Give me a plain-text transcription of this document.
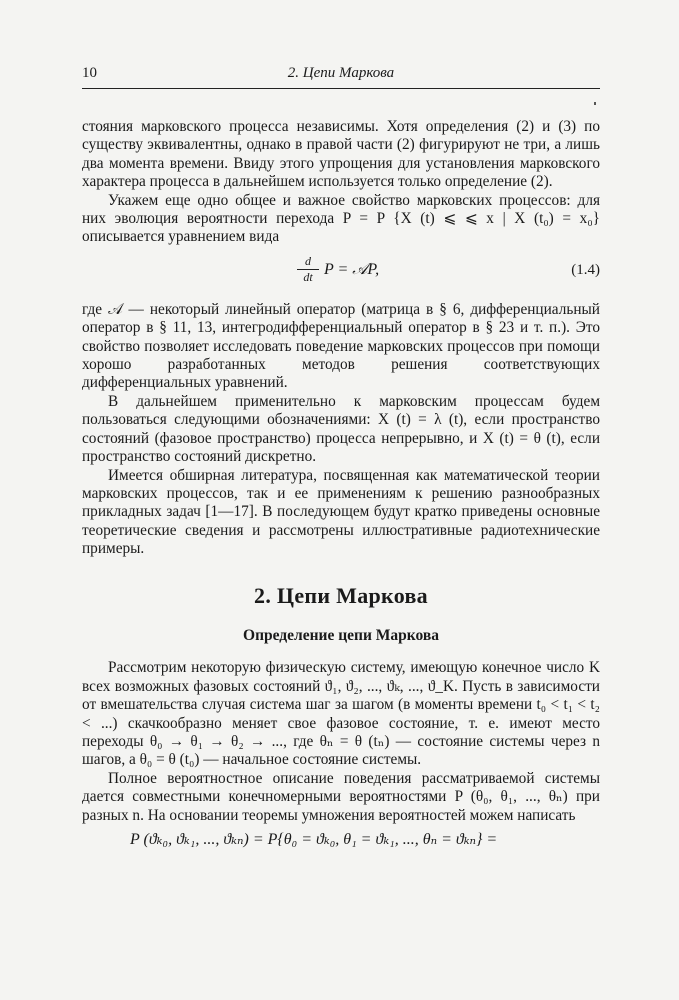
10	2. Цепи Маркова

стояния марковского процесса независимы. Хотя определения (2) и (3) по существу эквивалентны, однако в правой части (2) фигурируют не три, а лишь два момента времени. Ввиду этого упрощения для установления марковского характера процесса в дальнейшем используется только определение (2).

Укажем еще одно общее и важное свойство марковских процессов: для них эволюция вероятности перехода P = P {X (t) ⩽ ⩽ x | X (t₀) = x₀} описывается уравнением вида

$\frac{d}{dt}$ P = 𝒜P,	(1.4)

где 𝒜 — некоторый линейный оператор (матрица в § 6, дифференциальный оператор в § 11, 13, интегродифференциальный оператор в § 23 и т. п.). Это свойство позволяет исследовать поведение марковских процессов при помощи хорошо разработанных методов решения соответствующих дифференциальных уравнений.

В дальнейшем применительно к марковским процессам будем пользоваться следующими обозначениями: X (t) = λ (t), если пространство состояний (фазовое пространство) процесса непрерывно, и X (t) = θ (t), если пространство состояний дискретно.

Имеется обширная литература, посвященная как математической теории марковских процессов, так и ее применениям к решению разнообразных прикладных задач [1—17]. В последующем будут кратко приведены основные теоретические сведения и рассмотрены иллюстративные радиотехнические примеры.

2. Цепи Маркова
Определение цепи Маркова

Рассмотрим некоторую физическую систему, имеющую конечное число K всех возможных фазовых состояний ϑ₁, ϑ₂, ..., ϑₖ, ..., ϑ_K. Пусть в зависимости от вмешательства случая система шаг за шагом (в моменты времени t₀ < t₁ < t₂ < ...) скачкообразно меняет свое фазовое состояние, т. е. имеют место переходы θ₀ → θ₁ → θ₂ → ..., где θₙ = θ (tₙ) — состояние системы через n шагов, а θ₀ = θ (t₀) — начальное состояние системы.

Полное вероятностное описание поведения рассматриваемой системы дается совместными конечномерными вероятностями P (θ₀, θ₁, ..., θₙ) при разных n. На основании теоремы умножения вероятностей можем написать

P (ϑₖ₀, ϑₖ₁, ..., ϑₖₙ) = P{θ₀ = ϑₖ₀, θ₁ = ϑₖ₁, ..., θₙ = ϑₖₙ} =
